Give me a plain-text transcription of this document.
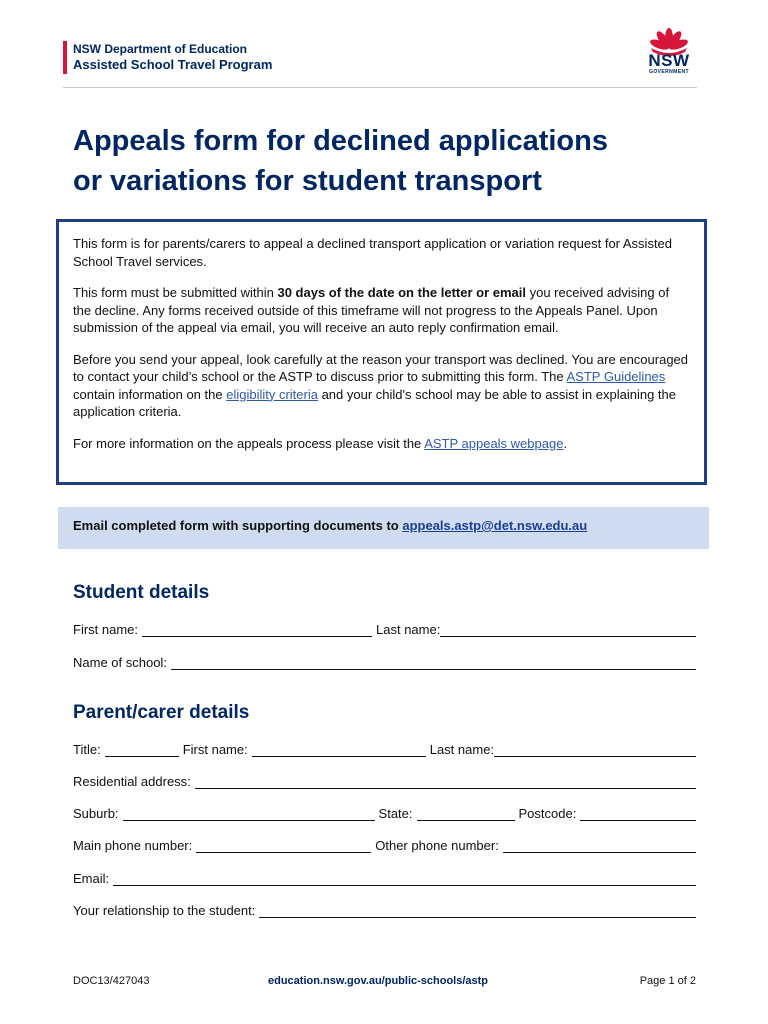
NSW Department of Education
Assisted School Travel Program	NSW
GOVERNMENT
Appeals form for declined applications
or variations for student transport

This form is for parents/carers to appeal a declined transport application or variation request for Assisted School Travel services.

This form must be submitted within 30 days of the date on the letter or email you received advising of the decline. Any forms received outside of this timeframe will not progress to the Appeals Panel. Upon submission of the appeal via email, you will receive an auto reply confirmation email.

Before you send your appeal, look carefully at the reason your transport was declined. You are encouraged to contact your child’s school or the ASTP to discuss prior to submitting this form. The ASTP Guidelines contain information on the eligibility criteria and your child's school may be able to assist in explaining the application criteria.

For more information on the appeals process please visit the ASTP appeals webpage.

Email completed form with supporting documents to appeals.astp@det.nsw.edu.au
Student details
First name:	Last name:
Name of school:
Parent/carer details
Title:	First name:	Last name:
Residential address:
Suburb:	State:	Postcode:
Main phone number:	Other phone number:
Email:
Your relationship to the student:
DOC13/427043	education.nsw.gov.au/public-schools/astp	Page 1 of 2
